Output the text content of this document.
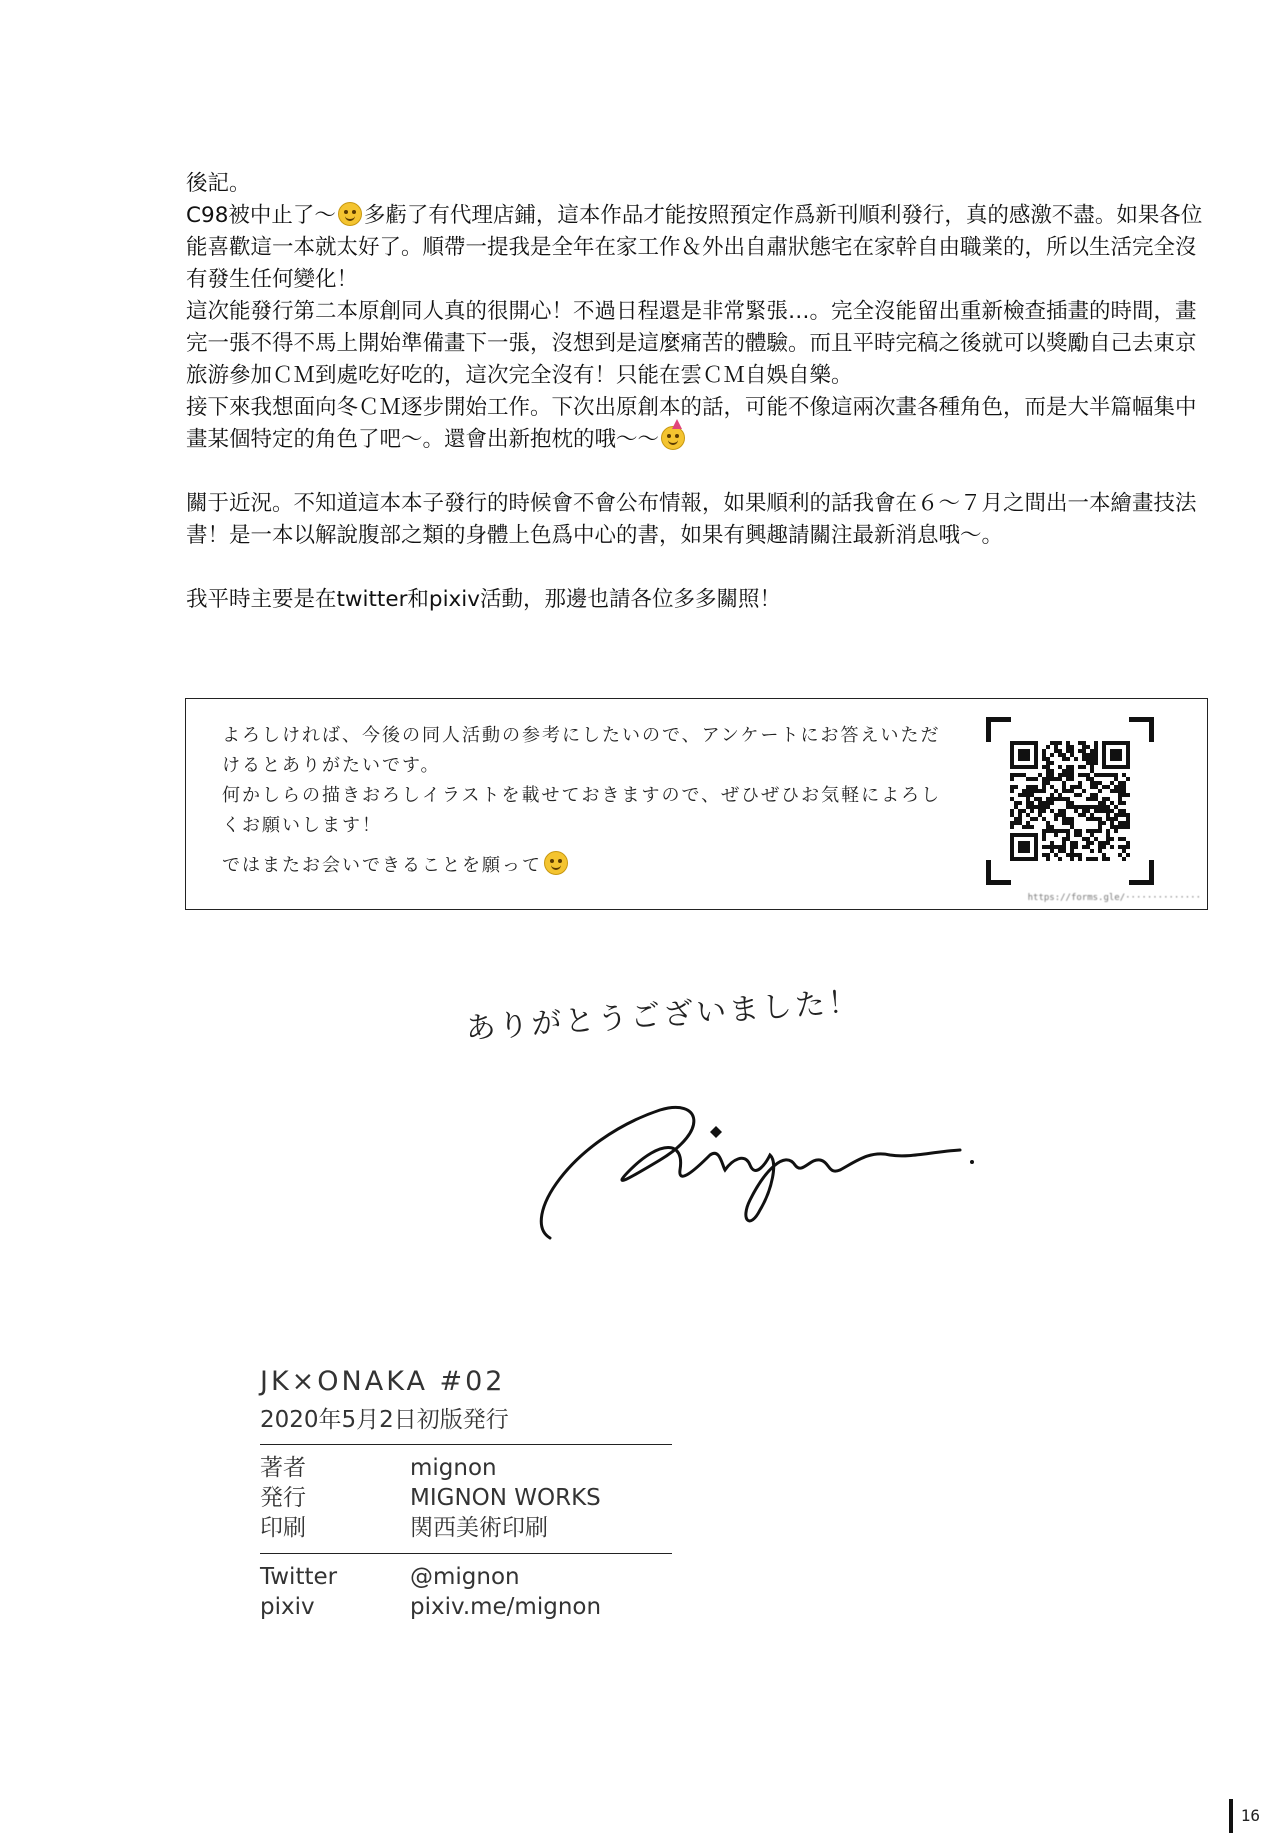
後記。

C98被中止了～ 多虧了有代理店鋪，這本作品才能按照預定作爲新刊順利發行，真的感激不盡。如果各位能喜歡這一本就太好了。順帶一提我是全年在家工作＆外出自肅狀態宅在家幹自由職業的，所以生活完全沒有發生任何變化！

這次能發行第二本原創同人真的很開心！不過日程還是非常緊張…。完全沒能留出重新檢查插畫的時間，畫完一張不得不馬上開始準備畫下一張，沒想到是這麼痛苦的體驗。而且平時完稿之後就可以獎勵自己去東京旅游參加ＣＭ到處吃好吃的，這次完全沒有！只能在雲ＣＭ自娛自樂。

接下來我想面向冬ＣＭ逐步開始工作。下次出原創本的話，可能不像這兩次畫各種角色，而是大半篇幅集中畫某個特定的角色了吧～。還會出新抱枕的哦～～

關于近況。不知道這本本子發行的時候會不會公布情報，如果順利的話我會在６～７月之間出一本繪畫技法書！是一本以解說腹部之類的身體上色爲中心的書，如果有興趣請關注最新消息哦～。

我平時主要是在twitter和pixiv活動，那邊也請各位多多關照！

よろしければ、今後の同人活動の参考にしたいので、アンケートにお答えいただけるとありがたいです。

何かしらの描きおろしイラストを載せておきますので、ぜひぜひお気軽によろしくお願いします！

ではまたお会いできることを願って

https://forms.gle/··············
ありがとうございました！

JK×ONAKA #02

2020年5月2日初版発行

著者	mignon
発行	MIGNON WORKS
印刷	関西美術印刷
Twitter	@mignon
pixiv	pixiv.me/mignon
16
